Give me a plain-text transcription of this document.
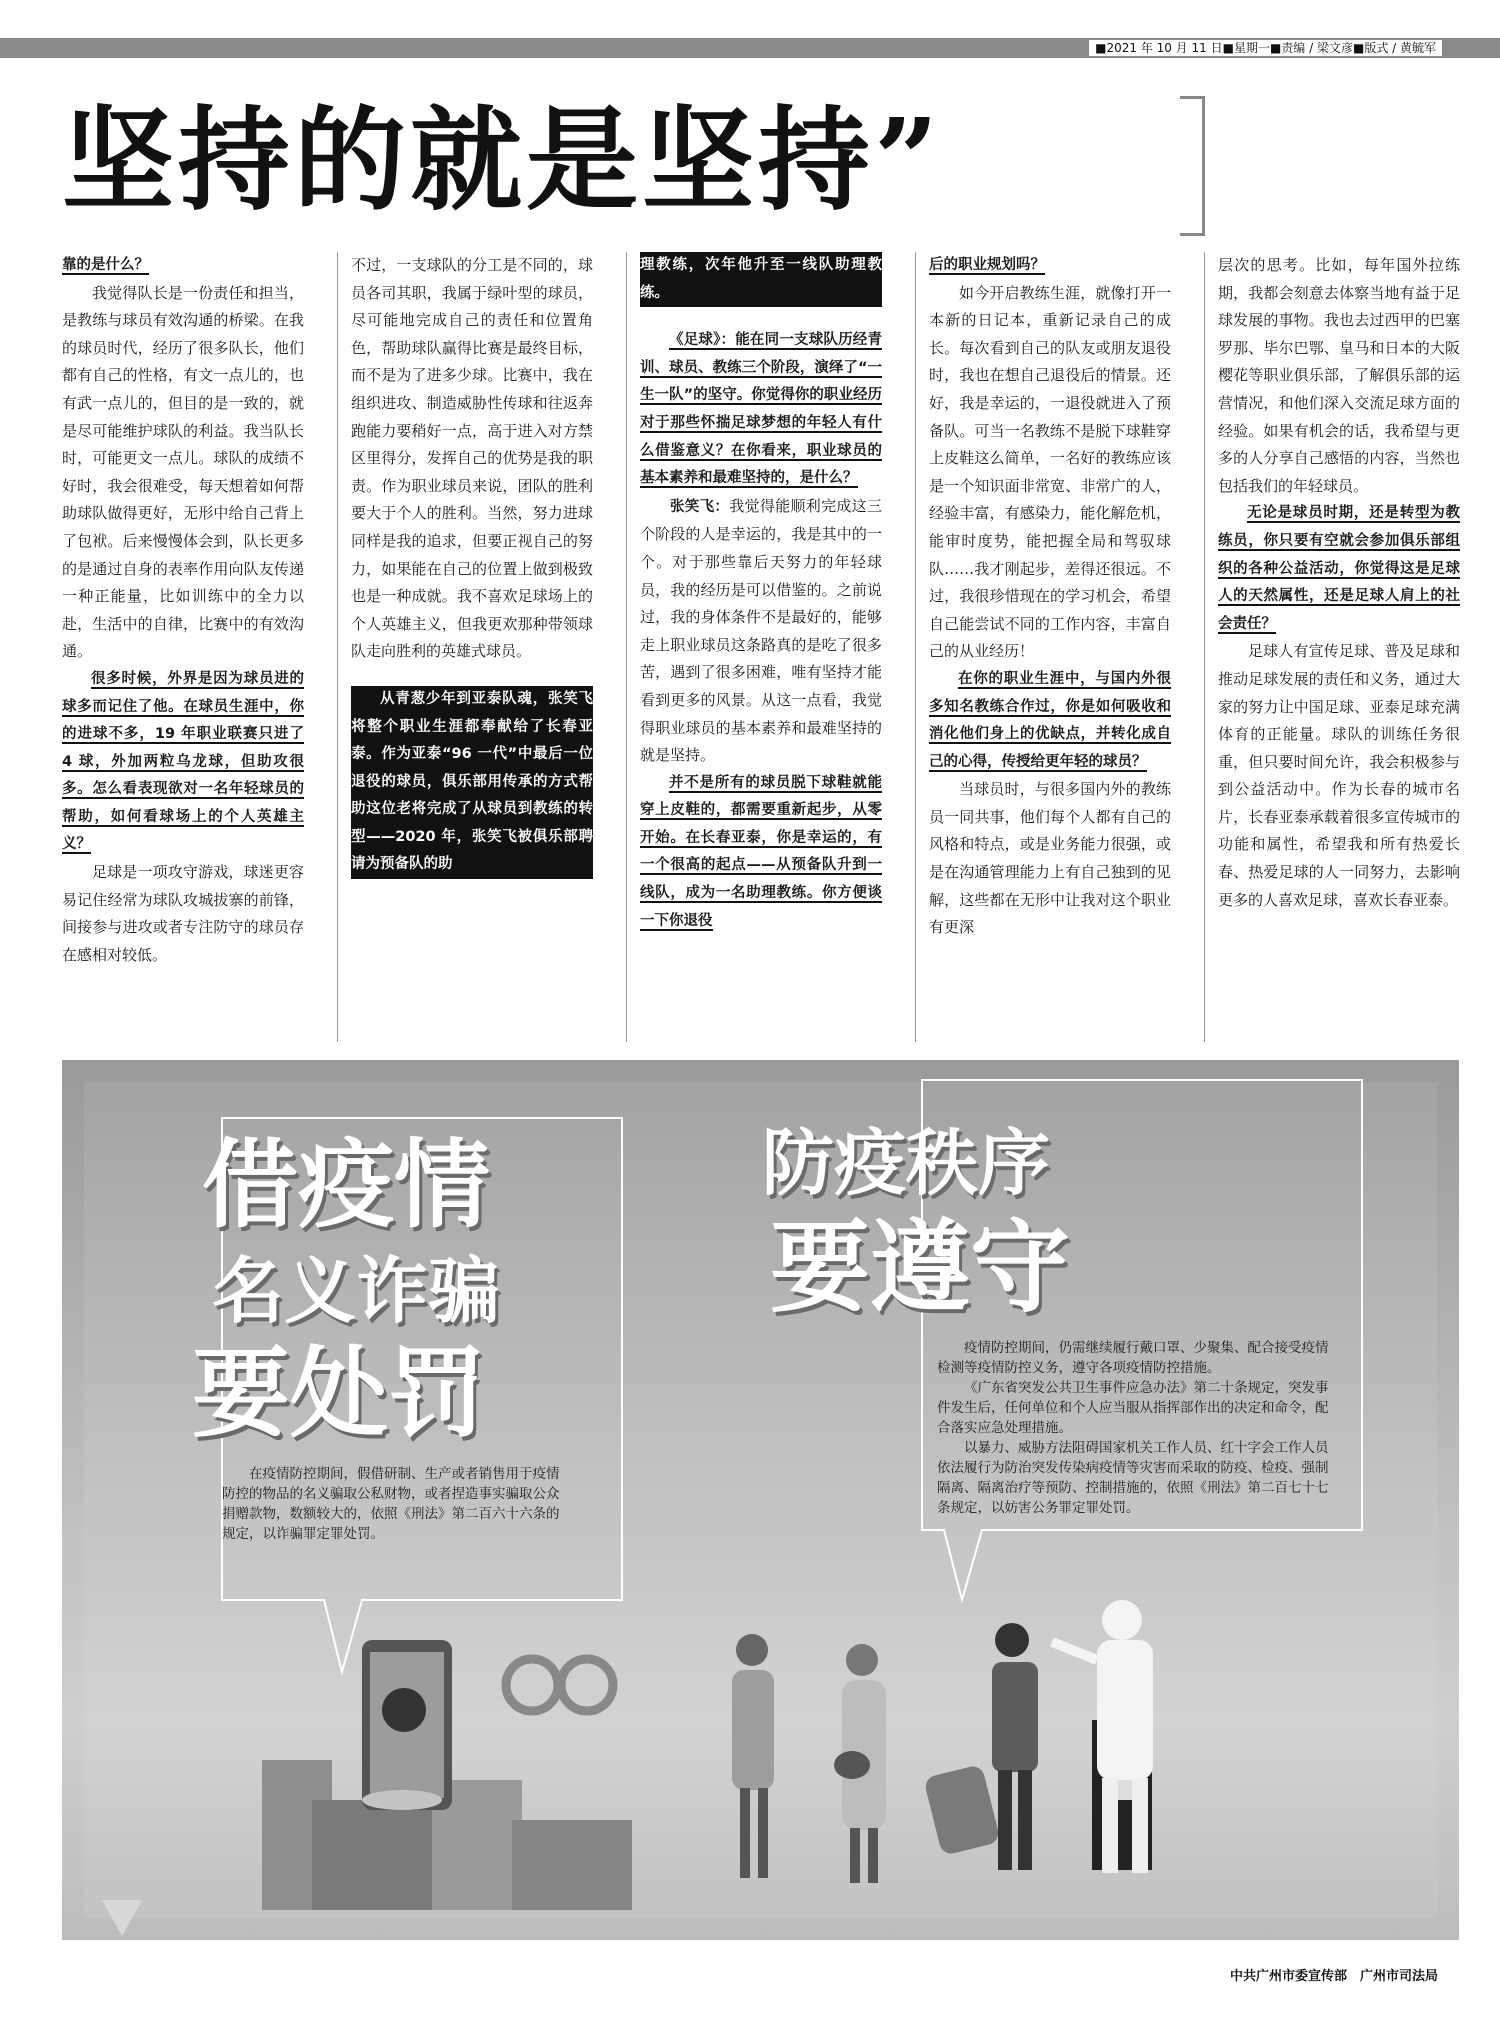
■2021 年 10 月 11 日■星期一■责编 / 梁文彦■版式 / 黄毓军
坚持的就是坚持”

靠的是什么？

我觉得队长是一份责任和担当，是教练与球员有效沟通的桥梁。在我的球员时代，经历了很多队长，他们都有自己的性格，有文一点儿的，也有武一点儿的，但目的是一致的，就是尽可能维护球队的利益。我当队长时，可能更文一点儿。球队的成绩不好时，我会很难受，每天想着如何帮助球队做得更好，无形中给自己背上了包袱。后来慢慢体会到，队长更多的是通过自身的表率作用向队友传递一种正能量，比如训练中的全力以赴，生活中的自律，比赛中的有效沟通。

很多时候，外界是因为球员进的球多而记住了他。在球员生涯中，你的进球不多，19 年职业联赛只进了 4 球，外加两粒乌龙球，但助攻很多。怎么看表现欲对一名年轻球员的帮助，如何看球场上的个人英雄主义？

足球是一项攻守游戏，球迷更容易记住经常为球队攻城拔寨的前锋，间接参与进攻或者专注防守的球员存在感相对较低。

不过，一支球队的分工是不同的，球员各司其职，我属于绿叶型的球员，尽可能地完成自己的责任和位置角色，帮助球队赢得比赛是最终目标，而不是为了进多少球。比赛中，我在组织进攻、制造威胁性传球和往返奔跑能力要稍好一点，高于进入对方禁区里得分，发挥自己的优势是我的职责。作为职业球员来说，团队的胜利要大于个人的胜利。当然，努力进球同样是我的追求，但要正视自己的努力，如果能在自己的位置上做到极致也是一种成就。我不喜欢足球场上的个人英雄主义，但我更欢那种带领球队走向胜利的英雄式球员。

从青葱少年到亚泰队魂，张笑飞将整个职业生涯都奉献给了长春亚泰。作为亚泰“96 一代”中最后一位退役的球员，俱乐部用传承的方式帮助这位老将完成了从球员到教练的转型——2020 年，张笑飞被俱乐部聘请为预备队的助

理教练，次年他升至一线队助理教练。

《足球》：能在同一支球队历经青训、球员、教练三个阶段，演绎了“一生一队”的坚守。你觉得你的职业经历对于那些怀揣足球梦想的年轻人有什么借鉴意义？在你看来，职业球员的基本素养和最难坚持的，是什么？

张笑飞：我觉得能顺利完成这三个阶段的人是幸运的，我是其中的一个。对于那些靠后天努力的年轻球员，我的经历是可以借鉴的。之前说过，我的身体条件不是最好的，能够走上职业球员这条路真的是吃了很多苦，遇到了很多困难，唯有坚持才能看到更多的风景。从这一点看，我觉得职业球员的基本素养和最难坚持的就是坚持。

并不是所有的球员脱下球鞋就能穿上皮鞋的，都需要重新起步，从零开始。在长春亚泰，你是幸运的，有一个很高的起点——从预备队升到一线队，成为一名助理教练。你方便谈一下你退役

后的职业规划吗？

如今开启教练生涯，就像打开一本新的日记本，重新记录自己的成长。每次看到自己的队友或朋友退役时，我也在想自己退役后的情景。还好，我是幸运的，一退役就进入了预备队。可当一名教练不是脱下球鞋穿上皮鞋这么简单，一名好的教练应该是一个知识面非常宽、非常广的人，经验丰富，有感染力，能化解危机，能审时度势，能把握全局和驾驭球队……我才刚起步，差得还很远。不过，我很珍惜现在的学习机会，希望自己能尝试不同的工作内容，丰富自己的从业经历！

在你的职业生涯中，与国内外很多知名教练合作过，你是如何吸收和消化他们身上的优缺点，并转化成自己的心得，传授给更年轻的球员？

当球员时，与很多国内外的教练员一同共事，他们每个人都有自己的风格和特点，或是业务能力很强，或是在沟通管理能力上有自己独到的见解，这些都在无形中让我对这个职业有更深

层次的思考。比如，每年国外拉练期，我都会刻意去体察当地有益于足球发展的事物。我也去过西甲的巴塞罗那、毕尔巴鄂、皇马和日本的大阪樱花等职业俱乐部，了解俱乐部的运营情况，和他们深入交流足球方面的经验。如果有机会的话，我希望与更多的人分享自己感悟的内容，当然也包括我们的年轻球员。

无论是球员时期，还是转型为教练员，你只要有空就会参加俱乐部组织的各种公益活动，你觉得这是足球人的天然属性，还是足球人肩上的社会责任？

足球人有宣传足球、普及足球和推动足球发展的责任和义务，通过大家的努力让中国足球、亚泰足球充满体育的正能量。球队的训练任务很重，但只要时间允许，我会积极参与到公益活动中。作为长春的城市名片，长春亚泰承载着很多宣传城市的功能和属性，希望我和所有热爱长春、热爱足球的人一同努力，去影响更多的人喜欢足球，喜欢长春亚泰。

借疫情
名义诈骗
要处罚

在疫情防控期间，假借研制、生产或者销售用于疫情防控的物品的名义骗取公私财物，或者捏造事实骗取公众捐赠款物，数额较大的，依照《刑法》第二百六十六条的规定，以诈骗罪定罪处罚。

防疫秩序
要遵守

疫情防控期间，仍需继续履行戴口罩、少聚集、配合接受疫情检测等疫情防控义务，遵守各项疫情防控措施。

《广东省突发公共卫生事件应急办法》第二十条规定，突发事件发生后，任何单位和个人应当服从指挥部作出的决定和命令，配合落实应急处理措施。

以暴力、威胁方法阻碍国家机关工作人员、红十字会工作人员依法履行为防治突发传染病疫情等灾害而采取的防疫、检疫、强制隔离、隔离治疗等预防、控制措施的，依照《刑法》第二百七十七条规定，以妨害公务罪定罪处罚。

中共广州市委宣传部　广州市司法局
